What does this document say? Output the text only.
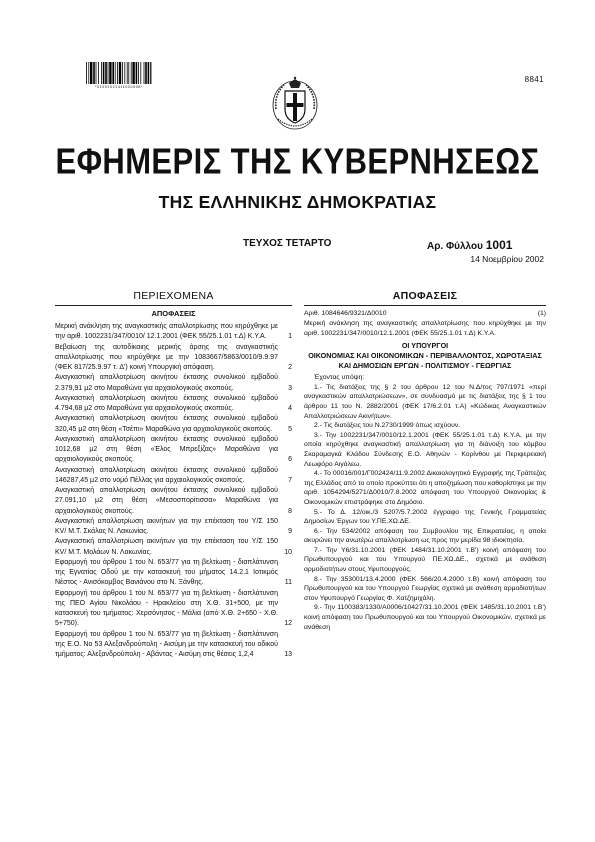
*01001021411020008*
8841
ΕΦΗΜΕΡΙΣ ΤΗΣ ΚΥΒΕΡΝΗΣΕΩΣ
ΤΗΣ ΕΛΛΗΝΙΚΗΣ ΔΗΜΟΚΡΑΤΙΑΣ
ΤΕΥΧΟΣ ΤΕΤΑΡΤΟ	Αρ. Φύλλου 1001
14 Νοεμβρίου 2002
ΠΕΡΙΕΧΟΜΕΝΑ
ΑΠΟΦΑΣΕΙΣ
Μερική ανάκληση της αναγκαστικής απαλλοτρίωσης που κηρύχθηκε με την αριθ. 1002231/347/0010/ 12.1.2001 (ΦΕΚ 55/25.1.01 τ.Δ) Κ.Υ.Α.	1
Βεβαίωση της αυτοδίκαιης μερικής άρσης της αναγκαστικής απαλλοτρίωσης που κηρύχθηκε με την 1083667/5863/0010/9.9.97 (ΦΕΚ 817/25.9.97 τ. Δ') κοινή Υπουργική απόφαση.	2
Αναγκαστική απαλλοτρίωση ακινήτου έκτασης συνολικού εμβαδού 2.379,91 μ2 στο Μαραθώνα για αρχαιολογικούς σκοπούς.	3
Αναγκαστική απαλλοτρίωση ακινήτου έκτασης συνολικού εμβαδού 4.794,68 μ2 στο Μαραθώνα για αρχαιολογικούς σκοπούς.	4
Αναγκαστική απαλλοτρίωση ακινήτου έκτασης συνολικού εμβαδού 320,45 μ2 στη θέση «Τσέπι» Μαραθώνα για αρχαιολογικούς σκοπούς. 5
Αναγκαστική απαλλοτρίωση ακινήτου έκτασης συνολικού εμβαδού 1012,68 μ2 στη θέση «Έλος Μπρεξίζας» Μαραθώνα για αρχαιολογικούς σκοπούς.	6
Αναγκαστική απαλλοτρίωση ακινήτου έκτασης συνολικού εμβαδού 146287,45 μ2 στο νομό Πέλλας για αρχαιολογικούς σκοπούς.	7
Αναγκαστική απαλλοτρίωση ακινήτου έκτασης συνολικού εμβαδού 27.091,10 μ2 στη θέση «Μεσοσπορίτισσα» Μαραθώνα για αρχαιολογικούς σκοπούς.	8
Αναγκαστική απαλλοτρίωση ακινήτων για την επέκταση του Υ/Σ 150 KV/ Μ.Τ. Σκάλας Ν. Λακωνίας.	9
Αναγκαστική απαλλοτρίωση ακινήτων για την επέκταση του Υ/Σ 150 KV/ Μ.Τ. Μολάων Ν. Λακωνίας.	10
Εφαρμογή του άρθρου 1 του Ν. 653/77 για τη βελτίωση - διαπλάτυνση της Εγνατίας Οδού με την κατασκευή του μήματος 14.2.1 Ιοτικμός Νέστος - Ανισόκομβος Βανιάνου στο Ν. Ξάνθης.	11
Εφαρμογή του άρθρου 1 του Ν. 653/77 για τη βελτίωση - διαπλάτυνση της ΠΕΟ Αγίου Νικολάου - Ηρακλείου στη Χ.Θ. 31+500, με την κατασκευή του τμήματος: Χερσόνησος - Μάλια (από Χ.Θ. 2+650 - Χ.Θ. 5+750).	12
Εφαρμογή του άρθρου 1 του Ν. 653/77 για τη βελτίωση - διαπλάτυνση της Ε.Ο. Νο 53 Αλεξανδρούπολη - Αισύμη με την κατασκευή του οδικού τμήματος: Αλεξανδρούπολη - Αβάντας - Αισύμη στις θέσεις 1,2,4	13
ΑΠΟΦΑΣΕΙΣ
Αριθ. 1084646/9321/Δ0010	(1)
Μερική ανάκληση της αναγκαστικής απαλλοτρίωσης που κηρύχθηκε με την αριθ. 1002231/347/0010/12.1.2001 (ΦΕΚ 55/25.1.01 τ.Δ) Κ.Υ.Α.
ΟΙ ΥΠΟΥΡΓΟΙ
ΟΙΚΟΝΟΜΙΑΣ ΚΑΙ ΟΙΚΟΝΟΜΙΚΩΝ - ΠΕΡΙΒΑΛΛΟΝΤΟΣ, ΧΩΡΟΤΑΞΙΑΣ ΚΑΙ ΔΗΜΟΣΙΩΝ ΕΡΓΩΝ - ΠΟΛΙΤΙΣΜΟΥ - ΓΕΩΡΓΙΑΣ
Έχοντας υπόψη:
1.- Τις διατάξεις της § 2 του άρθρου 12 του Ν.Δ/τος 797/1971 «περί αναγκαστικών απαλλοτριώσεων», σε συνδυασμό με τις διατάξεις της § 1 του άρθρου 11 του Ν. 2882/2001 (ΦΕΚ 17/6.2.01 τ.Α) «Κώδικας Αναγκαστικών Απαλλοτριώσεων Ακινήτων».
2.- Τις διατάξεις του Ν.2730/1999 όπως ισχύουν.
3.- Την 1002231/347/0010/12.1.2001 (ΦΕΚ 55/25.1.01 τ.Δ) Κ.Υ.Α, με την οποία κηρύχθηκε αναγκαστική απαλλοτρίωση για τη διάνοιξη του κόμβου Σκαραμαγκά Κλάδου Σύνδεσης Ε.Ο. Αθηνών - Κορίνθου με Περιφερειακή Λεωφόρο Αιγάλεω.
4.- Το 00016/001/Γ002424/11.9.2002 Δικαιολογητικό Εγγραφής της Τράπεζας της Ελλάδος από το οποίο προκύπτει ότι η αποζημίωση που καθορίστηκε με την αριθ. 1054294/5271/Δ0010/7.8.2002 απόφαση του Υπουργού Οικονομίας & Οικονομικών επιστράφηκε στο Δημόσιο.
5.- Το Δ. 12/οικ./3 5207/5.7.2002 έγγραφο της Γενικής Γραμματείας Δημοσίων Έργων του Υ.ΠΕ.ΧΩ.ΔΕ.
6.- Την 534/2002 απόφαση του Συμβουλίου της Επικρατείας, η οποία ακυρώνει την ανωτέρω απαλλοτρίωση ως προς την μερίδα 98 ιδιοκτησία.
7.- Την Υ6/31.10.2001 (ΦΕΚ 1484/31.10.2001 τ.Β') κοινή απόφαση του Πρωθυπουργού και του Υπουργού ΠΕ.ΧΩ.ΔΕ., σχετικά με ανάθεση αρμοδιοτήτων στους Υφυπουργούς.
8.- Την 353001/13.4.2000 (ΦΕΚ 566/20.4.2000 τ.Β) κοινή απόφαση του Πρωθυπουργού και του Υπουργού Γεωργίας σχετικά με ανάθεση αρμοδιοτήτων στον Υφυπουργό Γεωργίας Φ. Χατζημιχάλη.
9.- Την 1100383/1330/Α0006/10427/31.10.2001 (ΦΕΚ 1485/31.10.2001 τ.Β') κοινή απόφαση του Πρωθυπουργού και του Υπουργού Οικονομικών, σχετικά με ανάθεση
